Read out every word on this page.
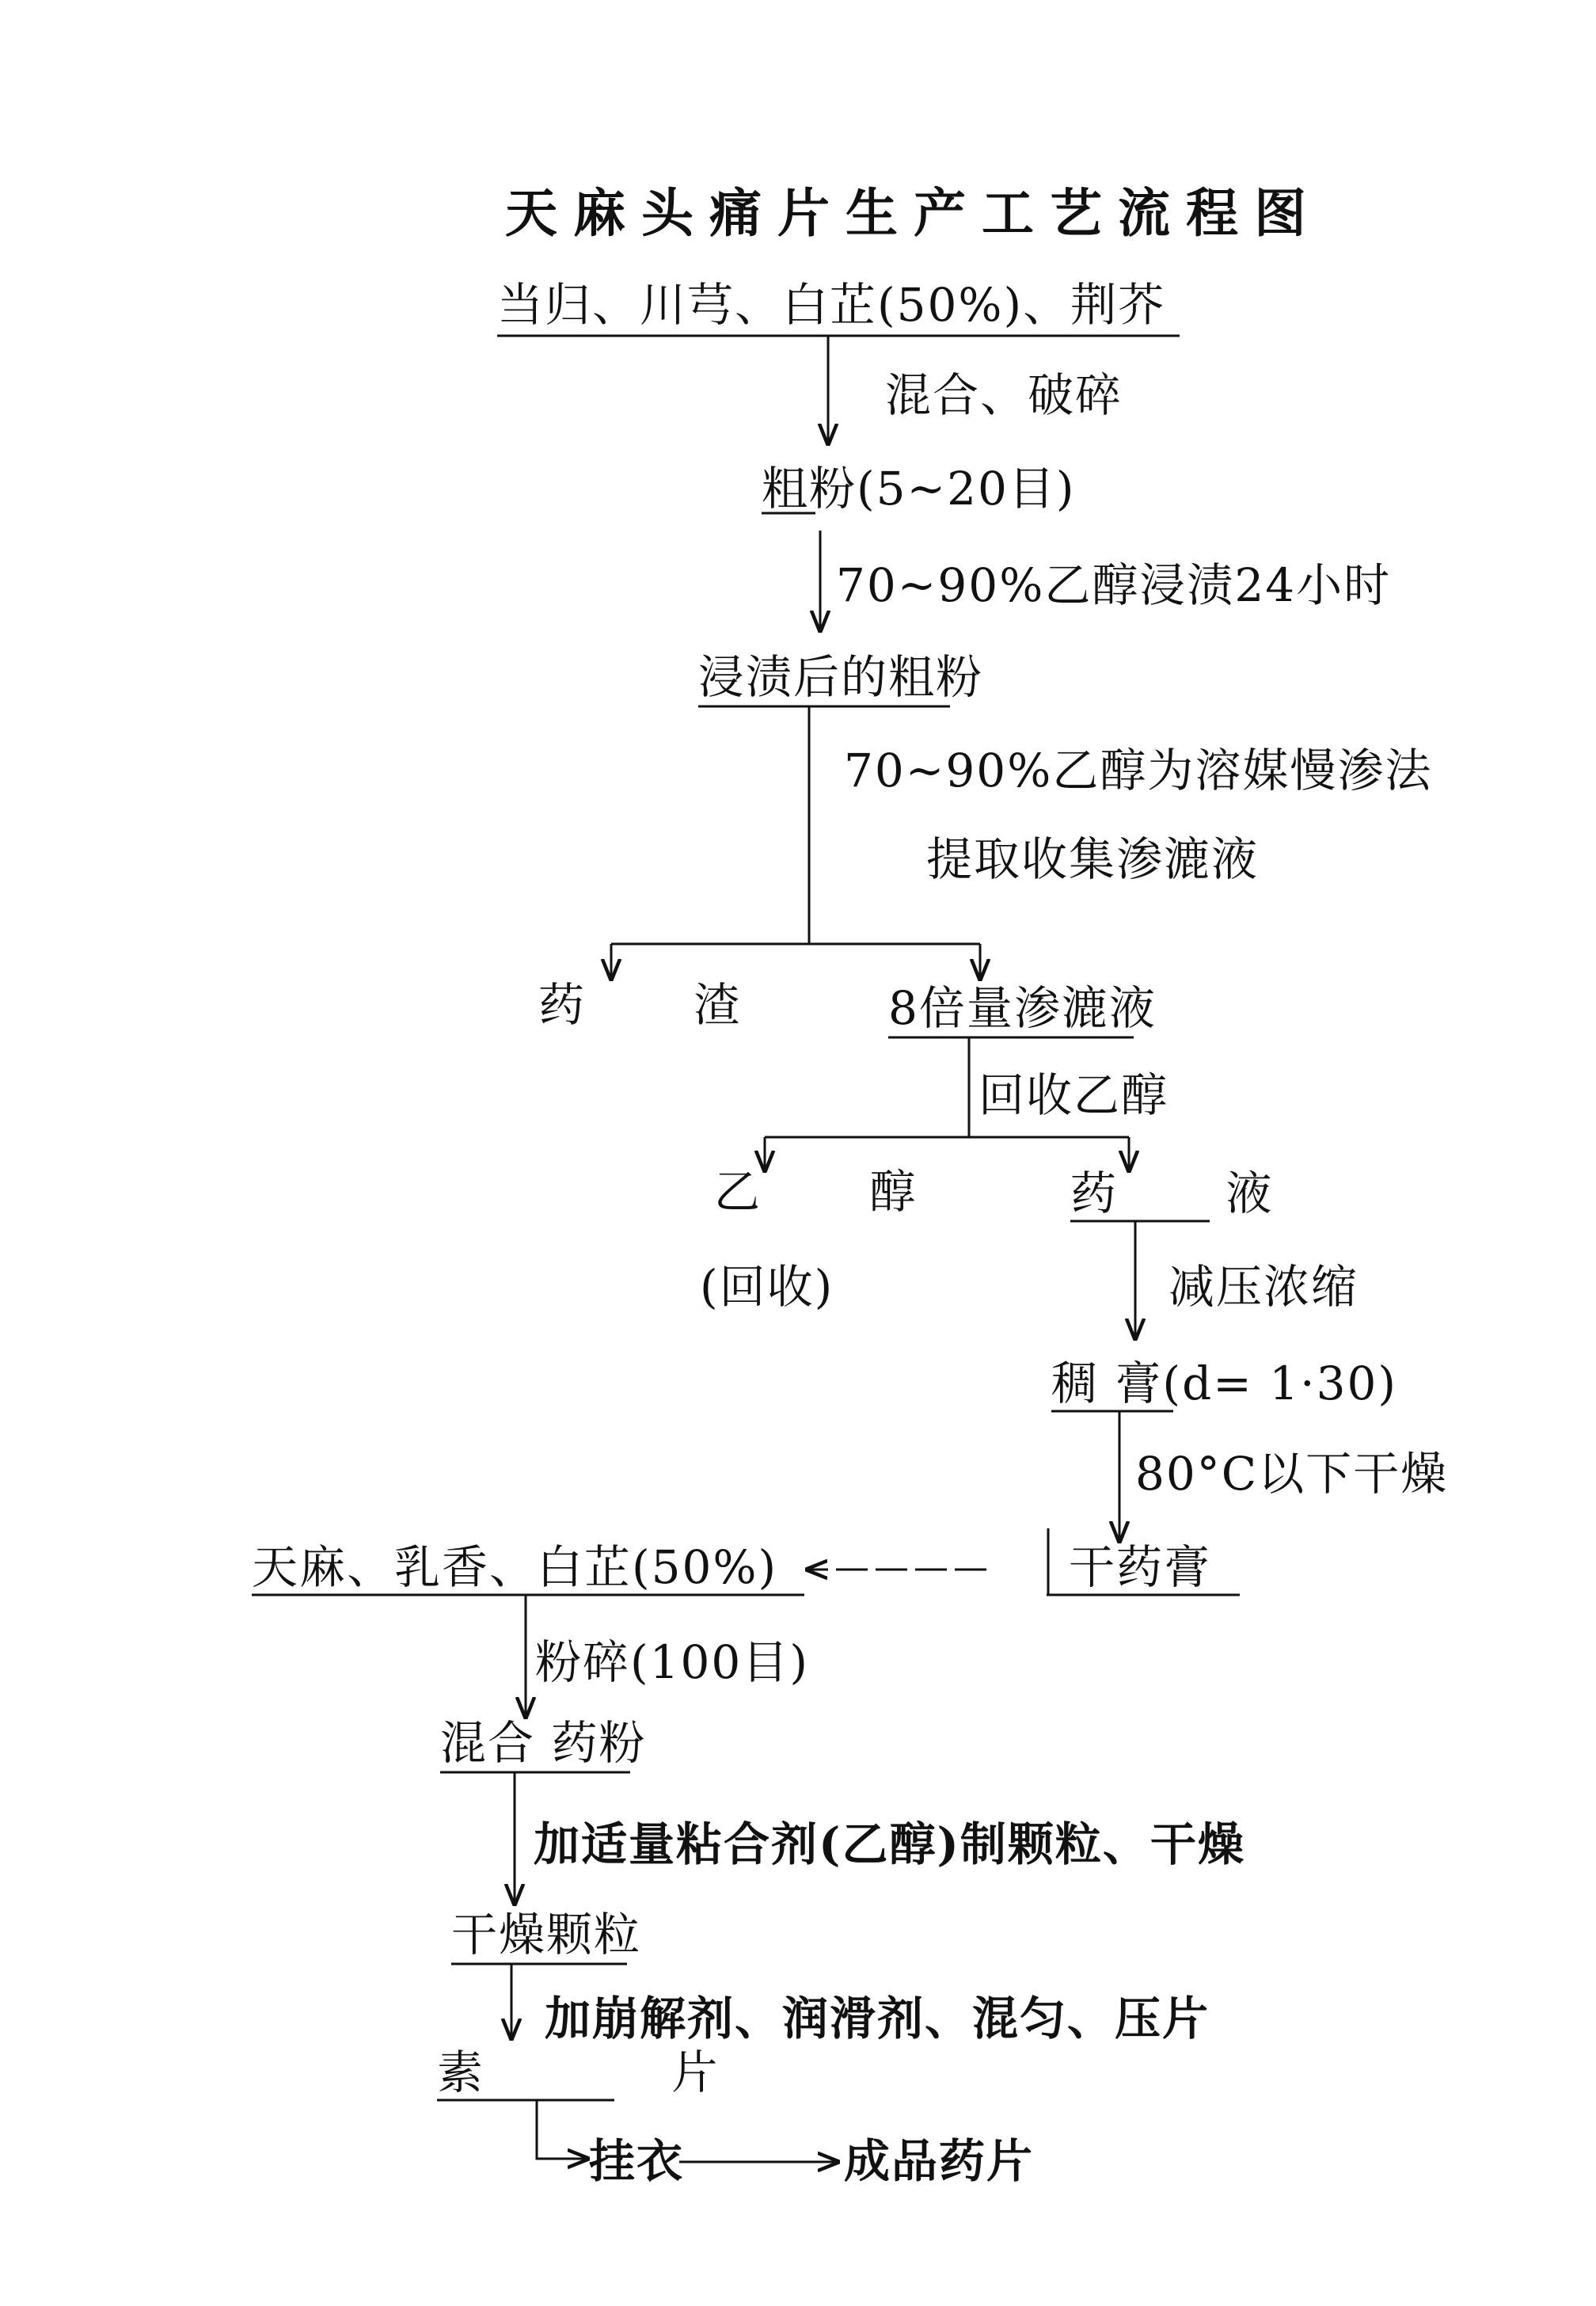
天麻头痛片生产工艺流程图
当归、川芎、白芷(50%)、荆芥
粗粉(5~20目)
浸渍后的粗粉
药 渣 8倍量渗漉液
乙 醇
(回收)
药 液
稠 膏(d= 1·30)
干药膏
天麻、乳香、白芷(50%)
混合 药粉
干燥颗粒
素 片
挂衣	成品药片
混合、破碎
70~90%乙醇浸渍24小时
70~90%乙醇为溶媒慢渗法
提取收集渗漉液
回收乙醇
减压浓缩
80°C以下干燥
粉碎(100目)
加适量粘合剂(乙醇)制颗粒、干燥
加崩解剂、润滑剂、混匀、压片
